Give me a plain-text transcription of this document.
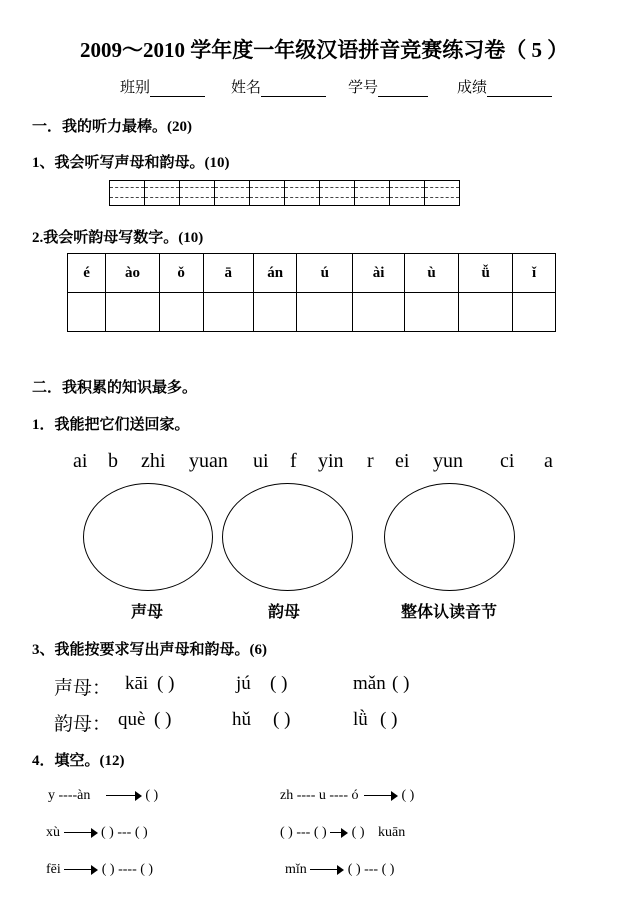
2009～2010 学年度一年级汉语拼音竞赛练习卷（ 5 ）
班别	姓名	学号	成绩
一．我的听力最棒。(20)
1、我会听写声母和韵母。(10)
2.我会听韵母写数字。(10)
é	ào	ǒ	ā	án	ú	ài	ù	ǚ	ǐ

二．我积累的知识最多。
1．我能把它们送回家。
ai b zhi yuan ui f yin r ei yun ci a
声母	韵母	整体认读音节
3、我能按要求写出声母和韵母。(6)
声母： kāi ( )	jú ( )	mǎn ( )
韵母： què ( )	hǔ ( )	lǜ ( )
4．填空。(12)
y ----àn	( )	zh ---- u ---- ó	( )
xù	( ) --- ( )	( ) --- ( ) ( ) kuān
fēi	( ) ---- ( )	mǐn	( ) --- ( )
